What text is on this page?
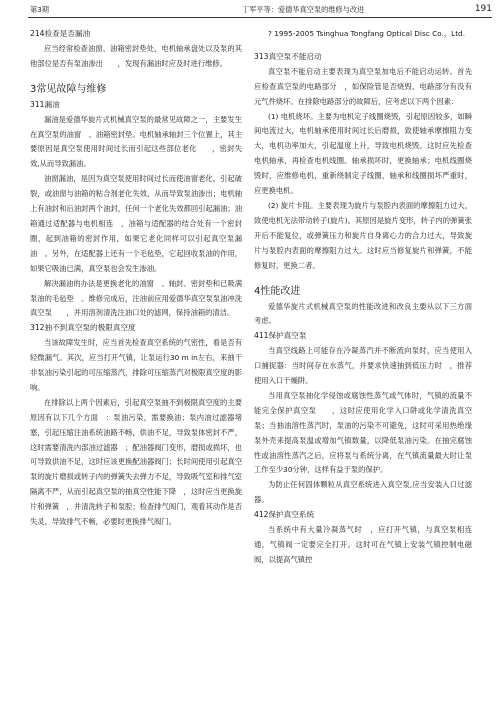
第3期	丁军平等：爱德华真空泵的维修与改进	191

214检查是否漏油

应当经常检查油窗、油箱密封垫处、电机轴承盘处以及泵的其他部位是否有泵油渗出　　，发现有漏油时应及时进行维修。

3常见故障与维修

311漏油

漏油是爱德华旋片式机械真空泵的最常见故障之一，主要发生在真空泵的油窗　、油箱密封垫、电机轴承轴封三个位置上，其主要原因是真空泵使用时间过长而引起这些部位老化　　，密封失效,从而导致漏油。

油窗漏油，是因为真空泵使用时间过长而使油窗老化，引起破裂，或油窗与油箱的粘合剂老化失效，从而导致泵油渗出；电机轴上有油封和后油封两个油封，任何一个老化失效都回引起漏油；油箱通过适配器与电机相连　，油箱与适配器的结合处有一个密封圈，起到油箱的密封作用，如果它老化同样可以引起真空泵漏油　。另外，在适配器上还有一个毛毡垫，它起回收泵油的作用，如果它吸油已满，真空泵也会发生渗油。

解决漏油的办法是更换老化的油窗　、轴封、密封垫和已吸满泵油的毛毡垫　。维修完成后，注油前应用爱德华真空泵泵油冲洗真空泵　　，并用溶剂清洗注油口处的滤网，保持油箱的清洁。

312抽不到真空泵的极限真空度

当该故障发生时，应当首先检查真空系统的气密性，看是否有轻微漏气。其次，应当打开气镇，让泵运行30 m in左右，来抽干非泵油污染引起的可压缩蒸汽，排除可压缩蒸汽对极限真空度的影响。

在排除以上两个因素后，引起真空泵抽不到极限真空度的主要原因有以下几个方面　：泵油污染，需要换油；泵内油过滤器堵塞，引起压缩注油系统油路不畅，供油不足，导致泵体密封不严，这时需要清洗内部油过滤器　；配油器阀门变形，磨损或损坏，也可导致供油不足，这时应该更换配油器阀门；长时间使用引起真空泵的旋片磨损或转子内的弹簧失去弹力不足，导致吸气室和排气室隔离不严，从而引起真空泵的抽真空性能下降　，这时应当更换旋片和弹簧　，并清洗转子和泵腔；检查排气阀门，观看其动作是否失灵，导致排气不畅，必要时更换排气阀门。

? 1995-2005 Tsinghua Tongfang Optical Disc Co.，Ltd.

313真空泵不能启动

真空泵不能启动主要表现为真空泵加电后不能启动运转。首先应检查真空泵的电路部分　，如保险管是否烧毁、电路部分有没有元气件烧坏。在排除电路部分的故障后，应考虑以下两个因素：

(1) 电机烧坏。主要为电机定子线圈烧毁，引起原因较多，如瞬间电流过大，电机轴承使用时间过长后磨损，致使轴承摩擦阻力变大，电机功率加大，引起温度上升，导致电机烧毁。这时应先检查电机轴承，再检查电机线圈。轴承损坏时，更换轴承；电机线圈烧毁时，应维修电机，重新绕制定子线圈，轴承和线圈损坏严重时，应更换电机。

(2) 旋片卡阻。主要表现为旋片与泵腔内表面的摩擦阻力过大，致使电机无法带动转子(旋片)。其原因是旋片变形，转子内的弹簧张开后不能复位，或弹簧压力和旋片自身离心力的合力过大，导致旋片与泵腔内表面的摩擦阻力过大。这时应当修复旋片和弹簧，不能修复时，更换二者。

4性能改进

爱德华旋片式机械真空泵的性能改进和改良主要从以下三方面考虑。

411保护真空泵

当真空线路上可能存在冷凝蒸汽并不断流向泵时，应当使用入口捕捉器：当时间存在水蒸气，并要求快速抽到低压力时　，推荐使用入口干燥阱。

当用真空泵抽化学侵蚀或腐蚀性蒸气或气体时，气镇的流量不能完全保护真空泵　　，这时应使用化学入口阱或化学清洗真空泵；当抽油溶性蒸汽时，泵油的污染不可避免，这时可采用热绝缘泵外壳来提高泵温或增加气镇数量，以降低泵油污染。在抽完腐蚀性或油溶性蒸汽之后，应将泵与系统分离，在气镇流量最大时让泵工作至少30分钟，这样有益于泵的保护。

为防止任何固体颗粒从真空系统进入真空泵,应当安装入口过滤器。

412保护真空系统

当系统中有大量冷凝蒸气时　，应打开气镇，与真空泵相连通，气镇阀一定要完全打开。这时可在气镇上安装气镇控制电磁阀，以提高气镇控
